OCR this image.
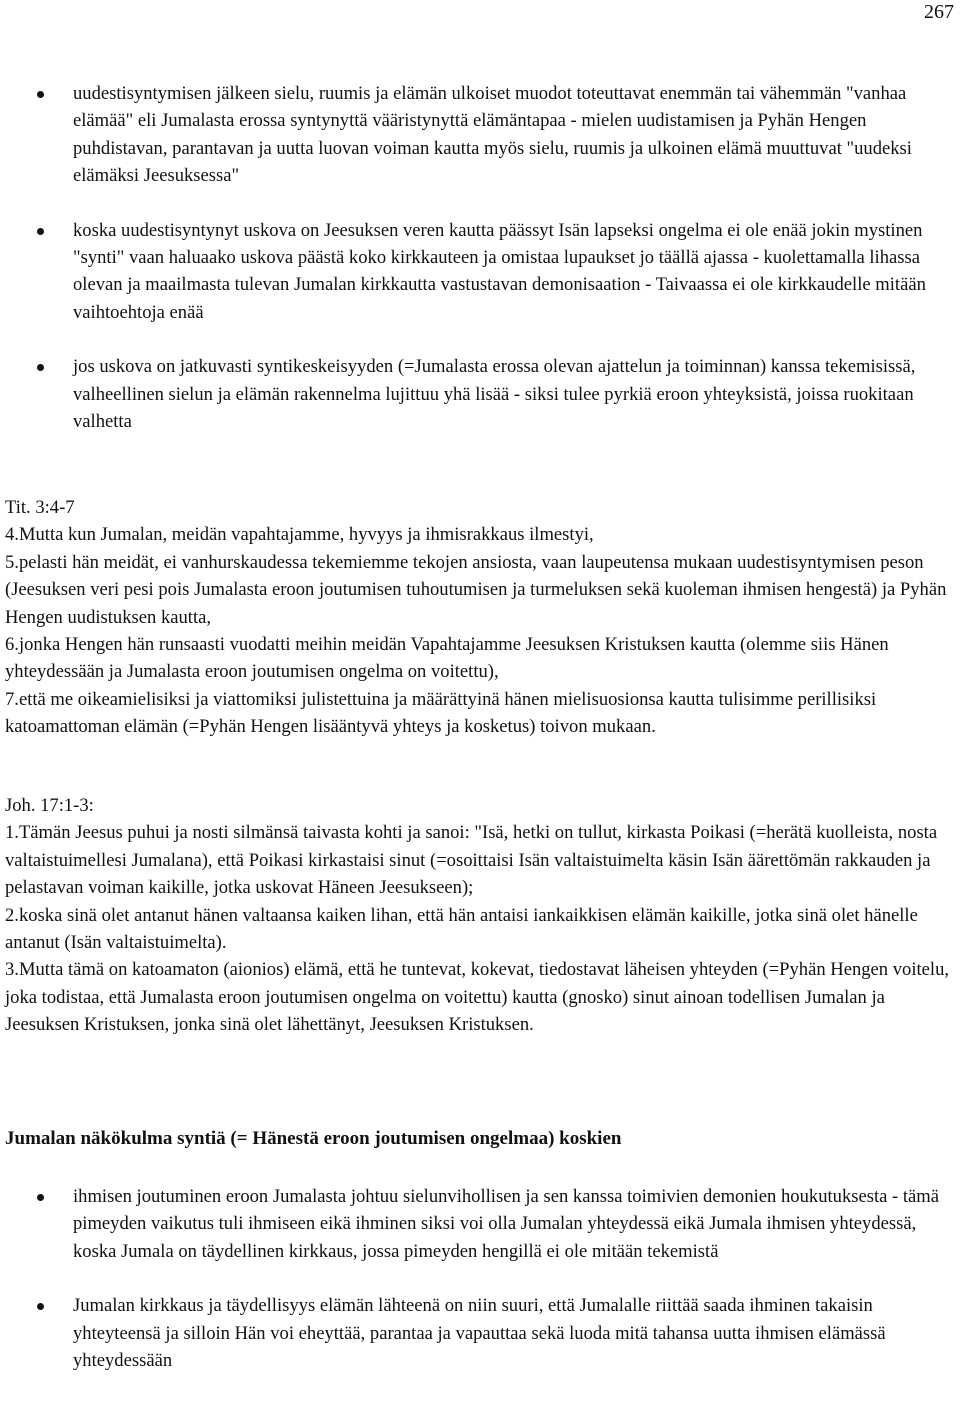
267
uudestisyntymisen jälkeen sielu, ruumis ja elämän ulkoiset muodot toteuttavat enemmän tai vähemmän "vanhaa elämää" eli Jumalasta erossa syntynyttä vääristynyttä elämäntapaa - mielen uudistamisen ja Pyhän Hengen puhdistavan, parantavan ja uutta luovan voiman kautta myös sielu, ruumis ja ulkoinen elämä muuttuvat "uudeksi elämäksi Jeesuksessa"
koska uudestisyntynyt uskova on Jeesuksen veren kautta päässyt Isän lapseksi ongelma ei ole enää jokin mystinen "synti" vaan haluaako uskova päästä koko kirkkauteen ja omistaa lupaukset jo täällä ajassa - kuolettamalla lihassa olevan ja maailmasta tulevan Jumalan kirkkautta vastustavan demonisaation - Taivaassa ei ole kirkkaudelle mitään vaihtoehtoja enää
jos uskova on jatkuvasti syntikeskeisyyden (=Jumalasta erossa olevan ajattelun ja toiminnan) kanssa tekemisissä, valheellinen sielun ja elämän rakennelma lujittuu yhä lisää - siksi tulee pyrkiä eroon yhteyksistä, joissa ruokitaan valhetta

Tit. 3:4-7

4.Mutta kun Jumalan, meidän vapahtajamme, hyvyys ja ihmisrakkaus ilmestyi,

5.pelasti hän meidät, ei vanhurskaudessa tekemiemme tekojen ansiosta, vaan laupeutensa mukaan uudestisyntymisen peson (Jeesuksen veri pesi pois Jumalasta eroon joutumisen tuhoutumisen ja turmeluksen sekä kuoleman ihmisen hengestä) ja Pyhän Hengen uudistuksen kautta,

6.jonka Hengen hän runsaasti vuodatti meihin meidän Vapahtajamme Jeesuksen Kristuksen kautta (olemme siis Hänen yhteydessään ja Jumalasta eroon joutumisen ongelma on voitettu),

7.että me oikeamielisiksi ja viattomiksi julistettuina ja määrättyinä hänen mielisuosionsa kautta tulisimme perillisiksi katoamattoman elämän (=Pyhän Hengen lisääntyvä yhteys ja kosketus) toivon mukaan.

Joh. 17:1-3:

1.Tämän Jeesus puhui ja nosti silmänsä taivasta kohti ja sanoi: "Isä, hetki on tullut, kirkasta Poikasi (=herätä kuolleista, nosta valtaistuimellesi Jumalana), että Poikasi kirkastaisi sinut (=osoittaisi Isän valtaistuimelta käsin Isän äärettömän rakkauden ja pelastavan voiman kaikille, jotka uskovat Häneen Jeesukseen);

2.koska sinä olet antanut hänen valtaansa kaiken lihan, että hän antaisi iankaikkisen elämän kaikille, jotka sinä olet hänelle antanut (Isän valtaistuimelta).

3.Mutta tämä on katoamaton (aionios) elämä, että he tuntevat, kokevat, tiedostavat läheisen yhteyden (=Pyhän Hengen voitelu, joka todistaa, että Jumalasta eroon joutumisen ongelma on voitettu) kautta (gnosko) sinut ainoan todellisen Jumalan ja Jeesuksen Kristuksen, jonka sinä olet lähettänyt, Jeesuksen Kristuksen.

Jumalan näkökulma syntiä (= Hänestä eroon joutumisen ongelmaa) koskien
ihmisen joutuminen eroon Jumalasta johtuu sielunvihollisen ja sen kanssa toimivien demonien houkutuksesta - tämä pimeyden vaikutus tuli ihmiseen eikä ihminen siksi voi olla Jumalan yhteydessä eikä Jumala ihmisen yhteydessä, koska Jumala on täydellinen kirkkaus, jossa pimeyden hengillä ei ole mitään tekemistä
Jumalan kirkkaus ja täydellisyys elämän lähteenä on niin suuri, että Jumalalle riittää saada ihminen takaisin yhteyteensä ja silloin Hän voi eheyttää, parantaa ja vapauttaa sekä luoda mitä tahansa uutta ihmisen elämässä yhteydessään
